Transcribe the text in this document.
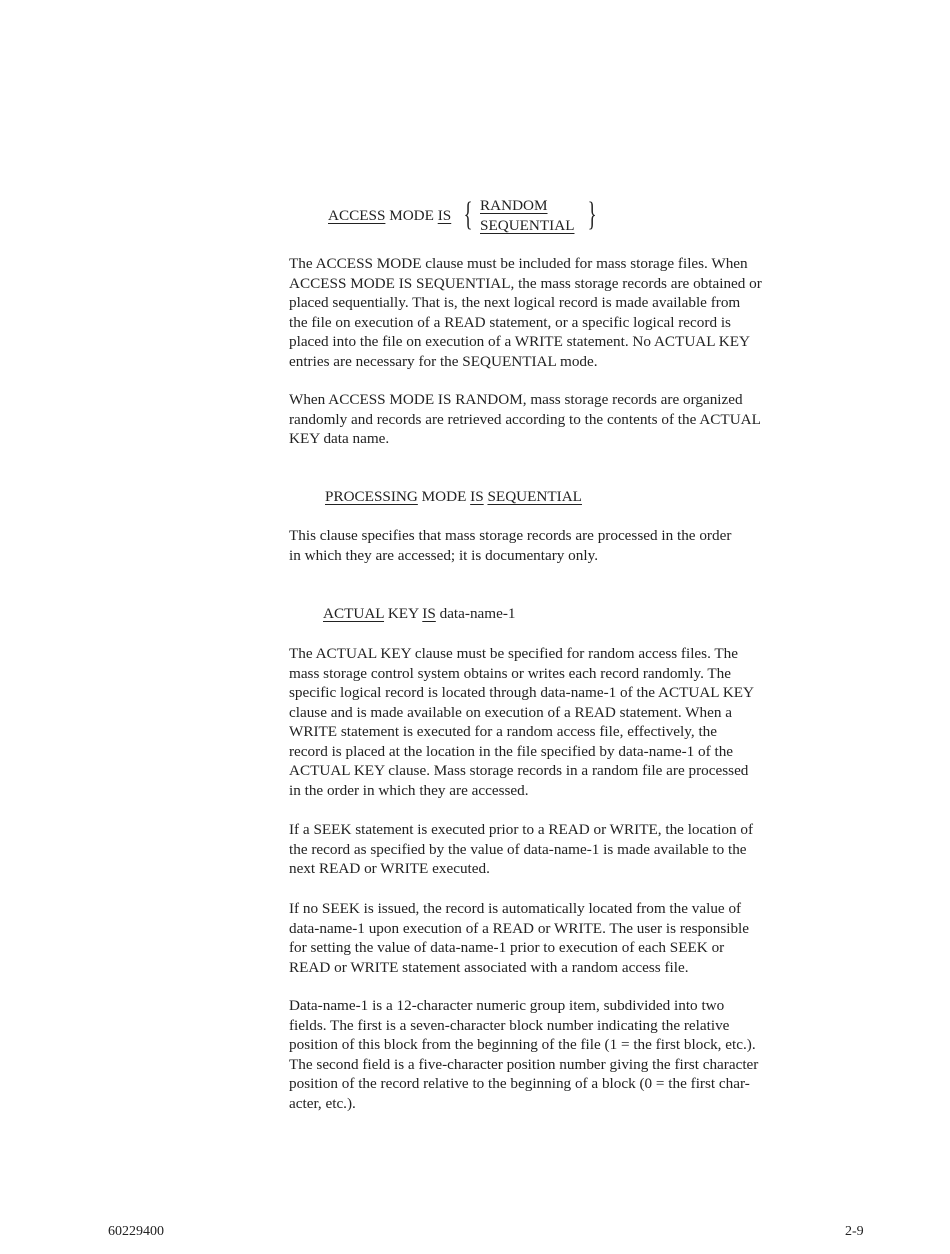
ACCESS MODE IS { RANDOM
SEQUENTIAL }

The ACCESS MODE clause must be included for mass storage files. When
ACCESS MODE IS SEQUENTIAL, the mass storage records are obtained or
placed sequentially. That is, the next logical record is made available from
the file on execution of a READ statement, or a specific logical record is
placed into the file on execution of a WRITE statement. No ACTUAL KEY
entries are necessary for the SEQUENTIAL mode.

When ACCESS MODE IS RANDOM, mass storage records are organized
randomly and records are retrieved according to the contents of the ACTUAL
KEY data name.

PROCESSING MODE IS SEQUENTIAL

This clause specifies that mass storage records are processed in the order
in which they are accessed; it is documentary only.

ACTUAL KEY IS data-name-1

The ACTUAL KEY clause must be specified for random access files. The
mass storage control system obtains or writes each record randomly. The
specific logical record is located through data-name-1 of the ACTUAL KEY
clause and is made available on execution of a READ statement. When a
WRITE statement is executed for a random access file, effectively, the
record is placed at the location in the file specified by data-name-1 of the
ACTUAL KEY clause. Mass storage records in a random file are processed
in the order in which they are accessed.

If a SEEK statement is executed prior to a READ or WRITE, the location of
the record as specified by the value of data-name-1 is made available to the
next READ or WRITE executed.

If no SEEK is issued, the record is automatically located from the value of
data-name-1 upon execution of a READ or WRITE. The user is responsible
for setting the value of data-name-1 prior to execution of each SEEK or
READ or WRITE statement associated with a random access file.

Data-name-1 is a 12-character numeric group item, subdivided into two
fields. The first is a seven-character block number indicating the relative
position of this block from the beginning of the file (1 = the first block, etc.).
The second field is a five-character position number giving the first character
position of the record relative to the beginning of a block (0 = the first char-
acter, etc.).

60229400	2-9
